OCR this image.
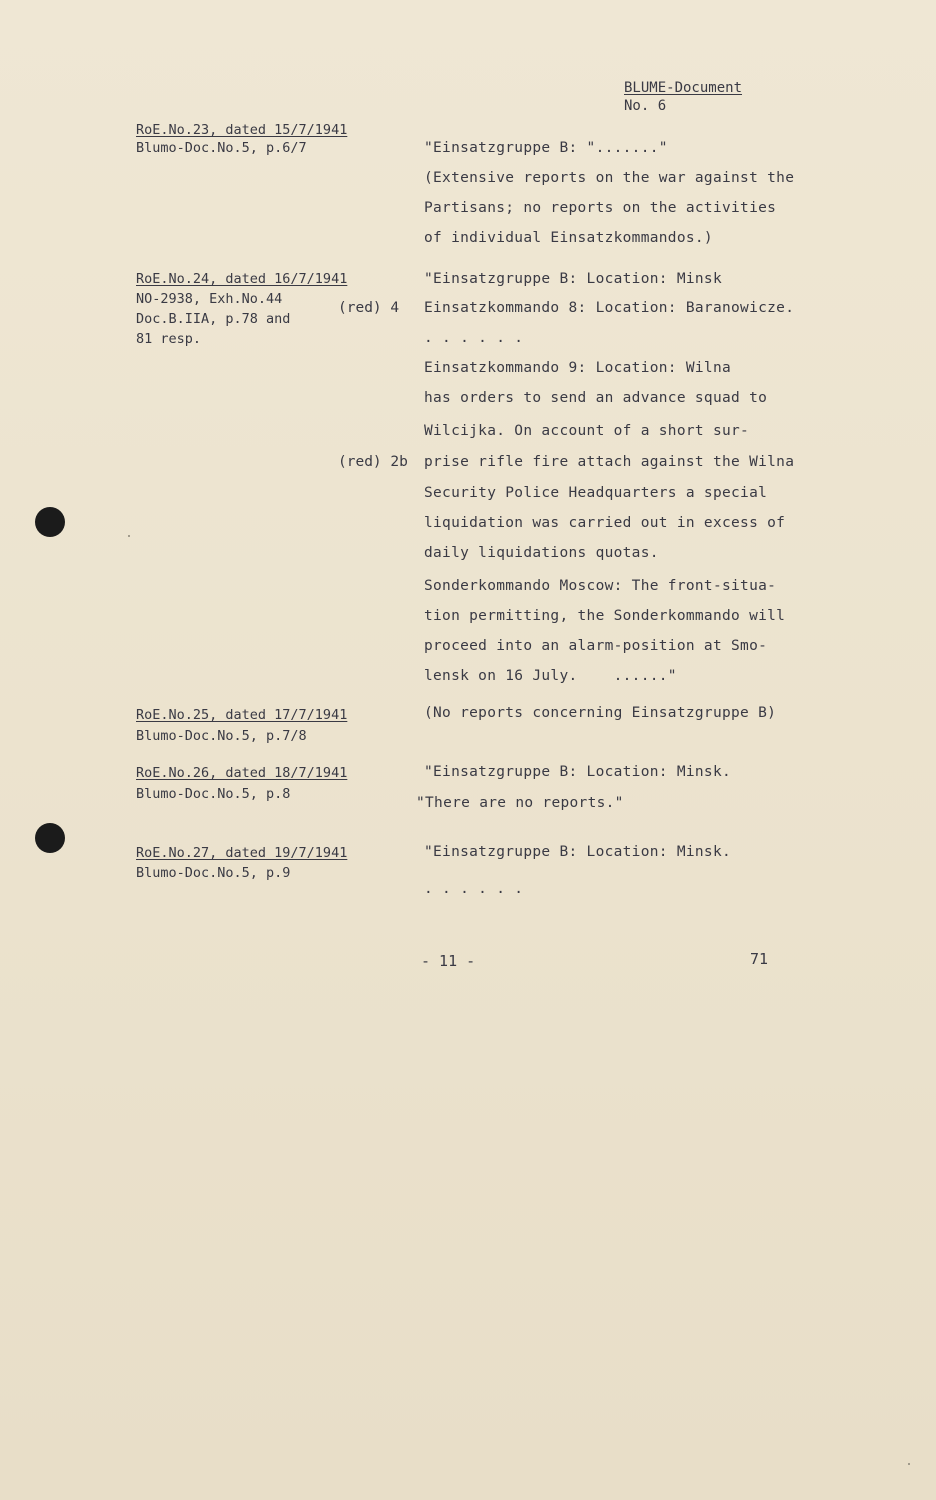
BLUME-Document
No. 6
RoE.No.23, dated 15/7/1941
Blumo-Doc.No.5, p.6/7	"Einsatzgruppe B: "......."
(Extensive reports on the war against the
Partisans; no reports on the activities
of individual Einsatzkommandos.)
RoE.No.24, dated 16/7/1941
NO-2938, Exh.No.44
Doc.B.IIA, p.78 and
81 resp.
(red) 4
"Einsatzgruppe B: Location: Minsk
Einsatzkommando 8: Location: Baranowicze.
. . . . . .
Einsatzkommando 9: Location: Wilna
has orders to send an advance squad to
Wilcijka. On account of a short sur-
(red) 2b prise rifle fire attach against the Wilna
Security Police Headquarters a special
liquidation was carried out in excess of
daily liquidations quotas.
Sonderkommando Moscow: The front-situa-
tion permitting, the Sonderkommando will
proceed into an alarm-position at Smo-
lensk on 16 July.    ......"
RoE.No.25, dated 17/7/1941
Blumo-Doc.No.5, p.7/8
(No reports concerning Einsatzgruppe B)
RoE.No.26, dated 18/7/1941
Blumo-Doc.No.5, p.8
"Einsatzgruppe B: Location: Minsk.
"There are no reports."
RoE.No.27, dated 19/7/1941
Blumo-Doc.No.5, p.9
"Einsatzgruppe B: Location: Minsk.
. . . . . .
- 11 -	71
